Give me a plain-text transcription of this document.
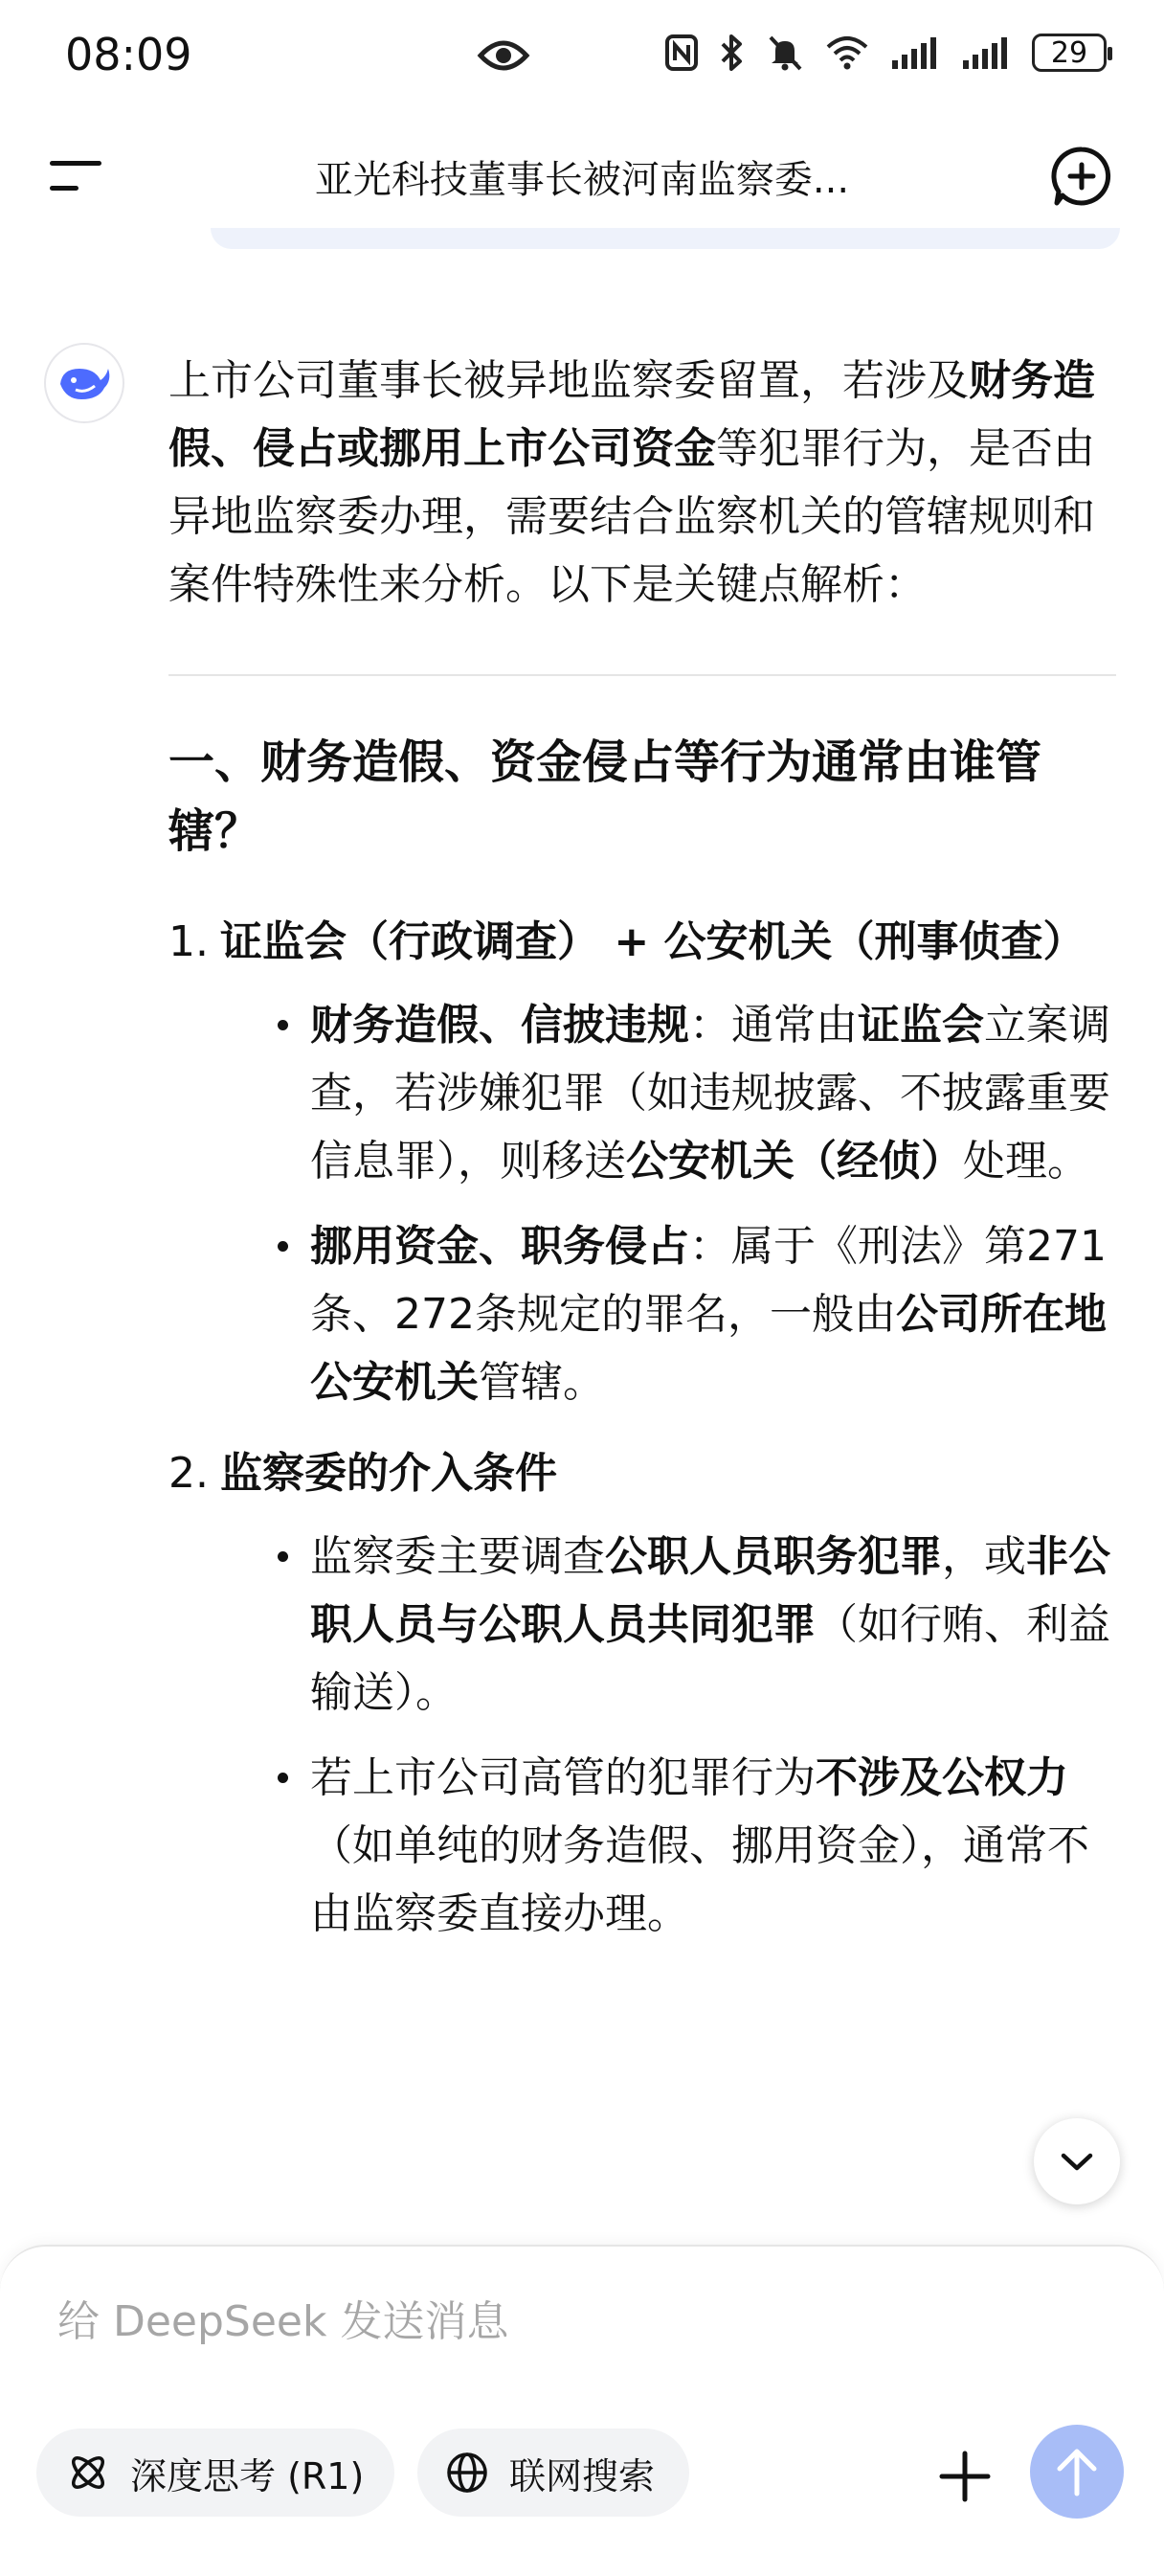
08:09	29
亚光科技董事长被河南监察委...

上市公司董事长被异地监察委留置，若涉及财务造假、侵占或挪用上市公司资金等犯罪行为，是否由异地监察委办理，需要结合监察机关的管辖规则和案件特殊性来分析。以下是关键点解析：

一、财务造假、资金侵占等行为通常由谁管辖？
1. 证监会（行政调查） + 公安机关（刑事侦查）
财务造假、信披违规：通常由证监会立案调查，若涉嫌犯罪（如违规披露、不披露重要信息罪），则移送公安机关（经侦）处理。
挪用资金、职务侵占：属于《刑法》第271条、272条规定的罪名，一般由公司所在地公安机关管辖。
2. 监察委的介入条件
监察委主要调查公职人员职务犯罪，或非公职人员与公职人员共同犯罪（如行贿、利益输送）。
若上市公司高管的犯罪行为不涉及公权力（如单纯的财务造假、挪用资金），通常不由监察委直接办理。
给 DeepSeek 发送消息
深度思考 (R1)	联网搜索
